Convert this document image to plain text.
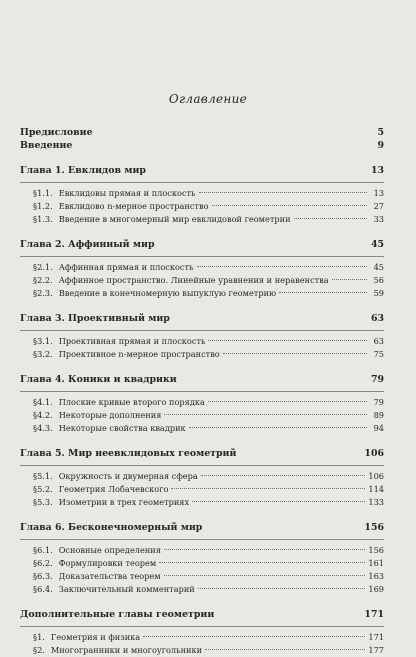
Оглавление
Предисловие	5
Введение	9
Глава 1. Евклидов мир	13
§1.1. Евклидовы прямая и плоскость	13
§1.2. Евклидово n-мерное пространство	27
§1.3. Введение в многомерный мир евклидовой геометрии	33
Глава 2. Аффинный мир	45
§2.1. Аффинная прямая и плоскость	45
§2.2. Аффинное пространство. Линейные уравнения и неравенства	56
§2.3. Введение в конечномерную выпуклую геометрию	59
Глава 3. Проективный мир	63
§3.1. Проективная прямая и плоскость	63
§3.2. Проективное n-мерное пространство	75
Глава 4. Коники и квадрики	79
§4.1. Плоские кривые второго порядка	79
§4.2. Некоторые дополнения	89
§4.3. Некоторые свойства квадрик	94
Глава 5. Мир неевклидовых геометрий	106
§5.1. Окружность и двумерная сфера	106
§5.2. Геометрия Лобачевского	114
§5.3. Изометрии в трех геометриях	133
Глава 6. Бесконечномерный мир	156
§6.1. Основные определения	156
§6.2. Формулировки теорем	161
§6.3. Доказательства теорем	163
§6.4. Заключительный комментарий	169
Дополнительные главы геометрии	171
§1. Геометрия и физика	171
§2. Многогранники и многоугольники	177
